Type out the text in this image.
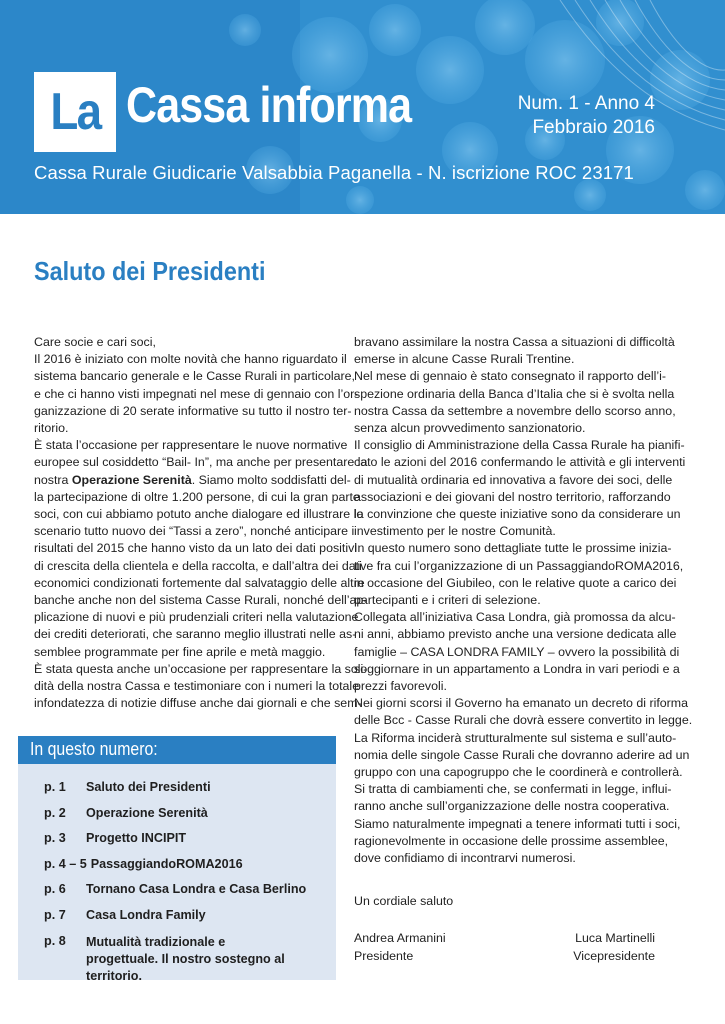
La Cassa informa	Num. 1 - Anno 4
Febbraio 2016
Cassa Rurale Giudicarie Valsabbia Paganella - N. iscrizione ROC 23171
Saluto dei Presidenti
Care socie e cari soci,
Il 2016 è iniziato con molte novità che hanno riguardato il
sistema bancario generale e le Casse Rurali in particolare,
e che ci hanno visti impegnati nel mese di gennaio con l’or-
ganizzazione di 20 serate informative su tutto il nostro ter-
ritorio.
È stata l’occasione per rappresentare le nuove normative
europee sul cosiddetto “Bail- In”, ma anche per presentare la
nostra Operazione Serenità. Siamo molto soddisfatti del-
la partecipazione di oltre 1.200 persone, di cui la gran parte
soci, con cui abbiamo potuto anche dialogare ed illustrare lo
scenario tutto nuovo dei “Tassi a zero”, nonché anticipare i
risultati del 2015 che hanno visto da un lato dei dati positivi
di crescita della clientela e della raccolta, e dall’altra dei dati
economici condizionati fortemente dal salvataggio delle altre
banche anche non del sistema Casse Rurali, nonché dell’ap-
plicazione di nuovi e più prudenziali criteri nella valutazione
dei crediti deteriorati, che saranno meglio illustrati nelle as-
semblee programmate per fine aprile e metà maggio.
È stata questa anche un’occasione per rappresentare la soli-
dità della nostra Cassa e testimoniare con i numeri la totale
infondatezza di notizie diffuse anche dai giornali e che sem-
In questo numero:
p. 1	Saluto dei Presidenti
p. 2	Operazione Serenità
p. 3	Progetto INCIPIT
p. 4 – 5 PassaggiandoROMA2016
p. 6	Tornano Casa Londra e Casa Berlino
p. 7	Casa Londra Family
p. 8	Mutualità tradizionale e progettuale. Il nostro sostegno al territorio.
bravano assimilare la nostra Cassa a situazioni di difficoltà
emerse in alcune Casse Rurali Trentine.
Nel mese di gennaio è stato consegnato il rapporto dell’i-
spezione ordinaria della Banca d’Italia che si è svolta nella
nostra Cassa da settembre a novembre dello scorso anno,
senza alcun provvedimento sanzionatorio.
Il consiglio di Amministrazione della Cassa Rurale ha pianifi-
cato le azioni del 2016 confermando le attività e gli interventi
di mutualità ordinaria ed innovativa a favore dei soci, delle
associazioni e dei giovani del nostro territorio, rafforzando
la convinzione che queste iniziative sono da considerare un
investimento per le nostre Comunità.
In questo numero sono dettagliate tutte le prossime inizia-
tive fra cui l’organizzazione di un PassaggiandoROMA2016,
in occasione del Giubileo, con le relative quote a carico dei
partecipanti e i criteri di selezione.
Collegata all’iniziativa Casa Londra, già promossa da alcu-
ni anni, abbiamo previsto anche una versione dedicata alle
famiglie – CASA LONDRA FAMILY – ovvero la possibilità di
soggiornare in un appartamento a Londra in vari periodi e a
prezzi favorevoli.
Nei giorni scorsi il Governo ha emanato un decreto di riforma
delle Bcc - Casse Rurali che dovrà essere convertito in legge.
La Riforma inciderà strutturalmente sul sistema e sull’auto-
nomia delle singole Casse Rurali che dovranno aderire ad un
gruppo con una capogruppo che le coordinerà e controllerà.
Si tratta di cambiamenti che, se confermati in legge, influi-
ranno anche sull’organizzazione delle nostra cooperativa.
Siamo naturalmente impegnati a tenere informati tutti i soci,
ragionevolmente in occasione delle prossime assemblee,
dove confidiamo di incontrarvi numerosi.
Un cordiale saluto
Andrea Armanini
Presidente
Luca Martinelli
Vicepresidente
